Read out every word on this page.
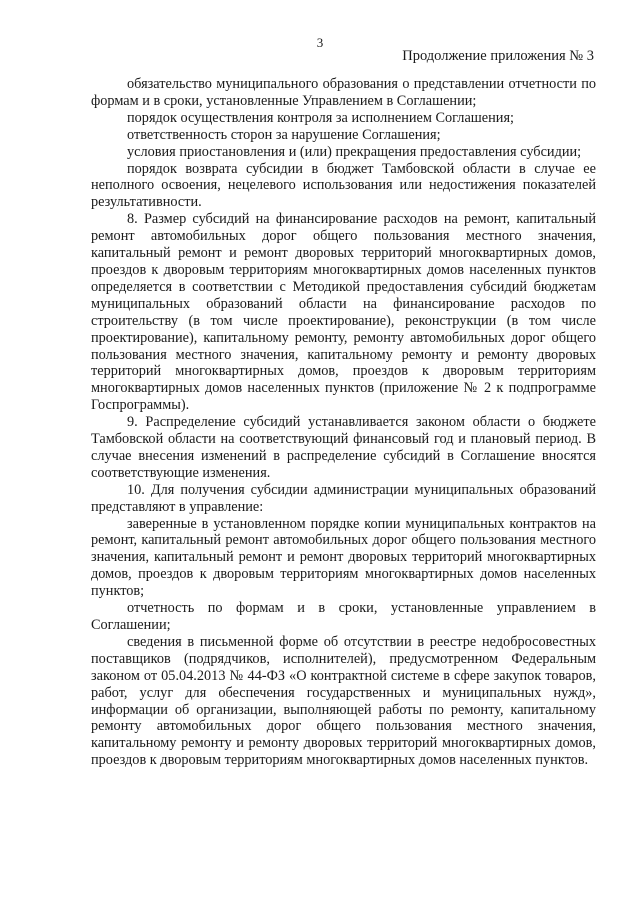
3
Продолжение приложения № 3

обязательство муниципального образования о представлении отчетности по формам и в сроки, установленные Управлением в Соглашении;

порядок осуществления контроля за исполнением Соглашения;

ответственность сторон за нарушение Соглашения;

условия приостановления и (или) прекращения предоставления субсидии;

порядок возврата субсидии в бюджет Тамбовской области в случае ее неполного освоения, нецелевого использования или недостижения показателей результативности.

8. Размер субсидий на финансирование расходов на ремонт, капитальный ремонт автомобильных дорог общего пользования местного значения, капитальный ремонт и ремонт дворовых территорий многоквартирных домов, проездов к дворовым территориям многоквартирных домов населенных пунктов определяется в соответствии с Методикой предоставления субсидий бюджетам муниципальных образований области на финансирование расходов по строительству (в том числе проектирование), реконструкции (в том числе проектирование), капитальному ремонту, ремонту автомобильных дорог общего пользования местного значения, капитальному ремонту и ремонту дворовых территорий многоквартирных домов, проездов к дворовым территориям многоквартирных домов населенных пунктов (приложение № 2 к подпрограмме Госпрограммы).

9. Распределение субсидий устанавливается законом области о бюджете Тамбовской области на соответствующий финансовый год и плановый период. В случае внесения изменений в распределение субсидий в Соглашение вносятся соответствующие изменения.

10. Для получения субсидии администрации муниципальных образований представляют в управление:

заверенные в установленном порядке копии муниципальных контрактов на ремонт, капитальный ремонт автомобильных дорог общего пользования местного значения, капитальный ремонт и ремонт дворовых территорий многоквартирных домов, проездов к дворовым территориям многоквартирных домов населенных пунктов;

отчетность по формам и в сроки, установленные управлением в Соглашении;

сведения в письменной форме об отсутствии в реестре недобросовестных поставщиков (подрядчиков, исполнителей), предусмотренном Федеральным законом от 05.04.2013 № 44-ФЗ «О контрактной системе в сфере закупок товаров, работ, услуг для обеспечения государственных и муниципальных нужд», информации об организации, выполняющей работы по ремонту, капитальному ремонту автомобильных дорог общего пользования местного значения, капитальному ремонту и ремонту дворовых территорий многоквартирных домов, проездов к дворовым территориям многоквартирных домов населенных пунктов.
